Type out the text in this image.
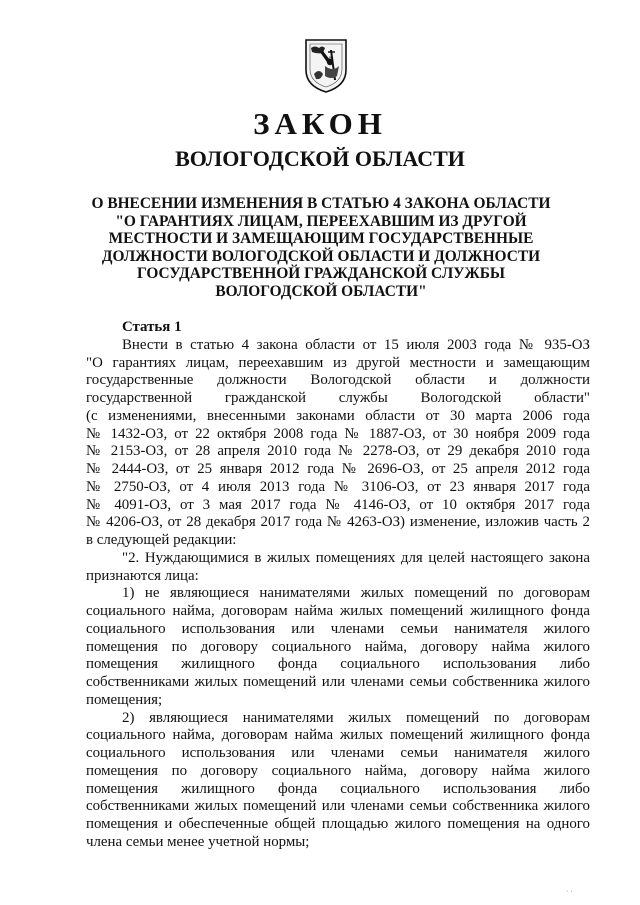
ЗАКОН
ВОЛОГОДСКОЙ ОБЛАСТИ
О ВНЕСЕНИИ ИЗМЕНЕНИЯ В СТАТЬЮ 4 ЗАКОНА ОБЛАСТИ
"О ГАРАНТИЯХ ЛИЦАМ, ПЕРЕЕХАВШИМ ИЗ ДРУГОЙ
МЕСТНОСТИ И ЗАМЕЩАЮЩИМ ГОСУДАРСТВЕННЫЕ
ДОЛЖНОСТИ ВОЛОГОДСКОЙ ОБЛАСТИ И ДОЛЖНОСТИ
ГОСУДАРСТВЕННОЙ ГРАЖДАНСКОЙ СЛУЖБЫ
ВОЛОГОДСКОЙ ОБЛАСТИ"
Статья 1
Внести в статью 4 закона области от 15 июля 2003 года № 935-ОЗ
"О гарантиях лицам, переехавшим из другой местности и замещающим
государственные должности Вологодской области и должности
государственной гражданской службы Вологодской области"
(с изменениями, внесенными законами области от 30 марта 2006 года
№ 1432-ОЗ, от 22 октября 2008 года № 1887-ОЗ, от 30 ноября 2009 года
№ 2153-ОЗ, от 28 апреля 2010 года № 2278-ОЗ, от 29 декабря 2010 года
№ 2444-ОЗ, от 25 января 2012 года № 2696-ОЗ, от 25 апреля 2012 года
№ 2750-ОЗ, от 4 июля 2013 года № 3106-ОЗ, от 23 января 2017 года
№ 4091-ОЗ, от 3 мая 2017 года № 4146-ОЗ, от 10 октября 2017 года
№ 4206-ОЗ, от 28 декабря 2017 года № 4263-ОЗ) изменение, изложив часть 2
в следующей редакции:
"2. Нуждающимися в жилых помещениях для целей настоящего закона
признаются лица:
1) не являющиеся нанимателями жилых помещений по договорам
социального найма, договорам найма жилых помещений жилищного фонда
социального использования или членами семьи нанимателя жилого
помещения по договору социального найма, договору найма жилого
помещения жилищного фонда социального использования либо
собственниками жилых помещений или членами семьи собственника жилого
помещения;
2) являющиеся нанимателями жилых помещений по договорам
социального найма, договорам найма жилых помещений жилищного фонда
социального использования или членами семьи нанимателя жилого
помещения по договору социального найма, договору найма жилого
помещения жилищного фонда социального использования либо
собственниками жилых помещений или членами семьи собственника жилого
помещения и обеспеченные общей площадью жилого помещения на одного
члена семьи менее учетной нормы;
· ·
